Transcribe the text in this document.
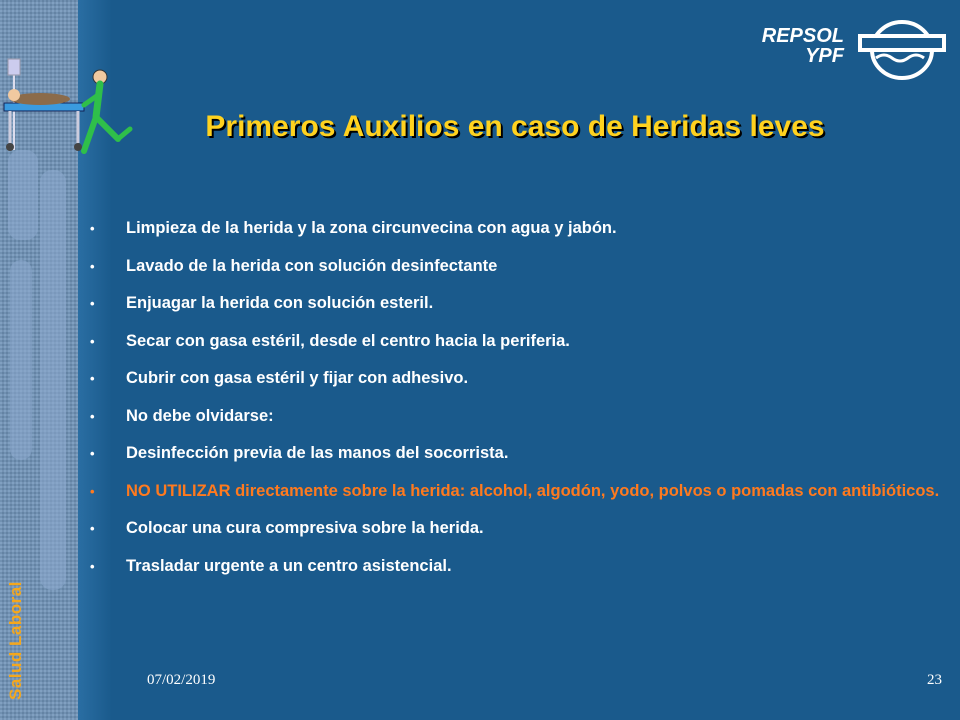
Salud Laboral
REPSOL
YPF
Primeros Auxilios en caso de Heridas leves
• Limpieza de la herida y la zona circunvecina con agua y jabón.
• Lavado de la herida con solución desinfectante
• Enjuagar la herida con solución esteril.
• Secar con gasa estéril, desde el centro hacia la periferia.
• Cubrir con gasa estéril y fijar con adhesivo.
• No debe olvidarse:
• Desinfección previa de las manos del socorrista.
• NO UTILIZAR directamente sobre la herida: alcohol, algodón, yodo, polvos o pomadas con antibióticos.
• Colocar una cura compresiva sobre la herida.
• Trasladar urgente a un centro asistencial.
07/02/2019	23
